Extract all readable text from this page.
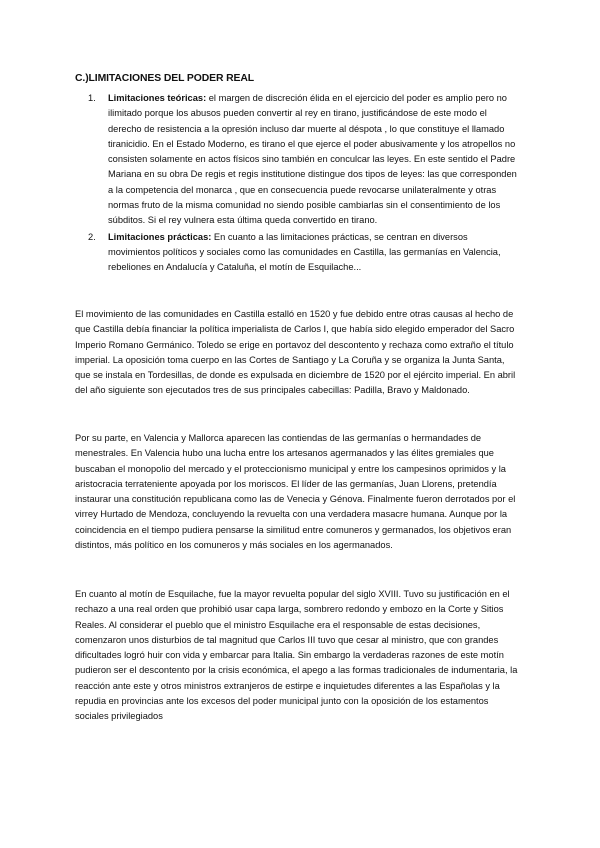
C.)LIMITACIONES DEL PODER REAL
1. Limitaciones teóricas: el margen de discreción élida en el ejercicio del poder es amplio pero no ilimitado porque los abusos pueden convertir al rey en tirano, justificándose de este modo el derecho de resistencia a la opresión incluso dar muerte al déspota , lo que constituye el llamado tiranicidio. En el Estado Moderno, es tirano el que ejerce el poder abusivamente y los atropellos no consisten solamente en actos físicos sino también en conculcar las leyes. En este sentido el Padre Mariana en su obra De regis et regis institutione distingue dos tipos de leyes: las que corresponden a la competencia del monarca , que en consecuencia puede revocarse unilateralmente y otras normas fruto de la misma comunidad no siendo posible cambiarlas sin el consentimiento de los súbditos. Si el rey vulnera esta última queda convertido en tirano.
2. Limitaciones prácticas: En cuanto a las limitaciones prácticas, se centran en diversos movimientos políticos y sociales como las comunidades en Castilla, las germanías en Valencia, rebeliones en Andalucía y Cataluña, el motín de Esquilache...

El movimiento de las comunidades en Castilla estalló en 1520 y fue debido entre otras causas al hecho de que Castilla debía financiar la política imperialista de Carlos I, que había sido elegido emperador del Sacro Imperio Romano Germánico. Toledo se erige en portavoz del descontento y rechaza como extraño el título imperial. La oposición toma cuerpo en las Cortes de Santiago y La Coruña y se organiza la Junta Santa, que se instala en Tordesillas, de donde es expulsada en diciembre de 1520 por el ejército imperial. En abril del año siguiente son ejecutados tres de sus principales cabecillas: Padilla, Bravo y Maldonado.

Por su parte, en Valencia y Mallorca aparecen las contiendas de las germanías o hermandades de menestrales. En Valencia hubo una lucha entre los artesanos agermanados y las élites gremiales que buscaban el monopolio del mercado y el proteccionismo municipal y entre los campesinos oprimidos y la aristocracia terrateniente apoyada por los moriscos. El líder de las germanías, Juan Llorens, pretendía instaurar una constitución republicana como las de Venecia y Génova. Finalmente fueron derrotados por el virrey Hurtado de Mendoza, concluyendo la revuelta con una verdadera masacre humana. Aunque por la coincidencia en el tiempo pudiera pensarse la similitud entre comuneros y germanados, los objetivos eran distintos, más político en los comuneros y más sociales en los agermanados.

En cuanto al motín de Esquilache, fue la mayor revuelta popular del siglo XVIII. Tuvo su justificación en el rechazo a una real orden que prohibió usar capa larga, sombrero redondo y embozo en la Corte y Sitios Reales. Al considerar el pueblo que el ministro Esquilache era el responsable de estas decisiones, comenzaron unos disturbios de tal magnitud que Carlos III tuvo que cesar al ministro, que con grandes dificultades logró huir con vida y embarcar para Italia. Sin embargo la verdaderas razones de este motín pudieron ser el descontento por la crisis económica, el apego a las formas tradicionales de indumentaria, la reacción ante este y otros ministros extranjeros de estirpe e inquietudes diferentes a las Españolas y la repudia en provincias ante los excesos del poder municipal junto con la oposición de los estamentos sociales privilegiados
